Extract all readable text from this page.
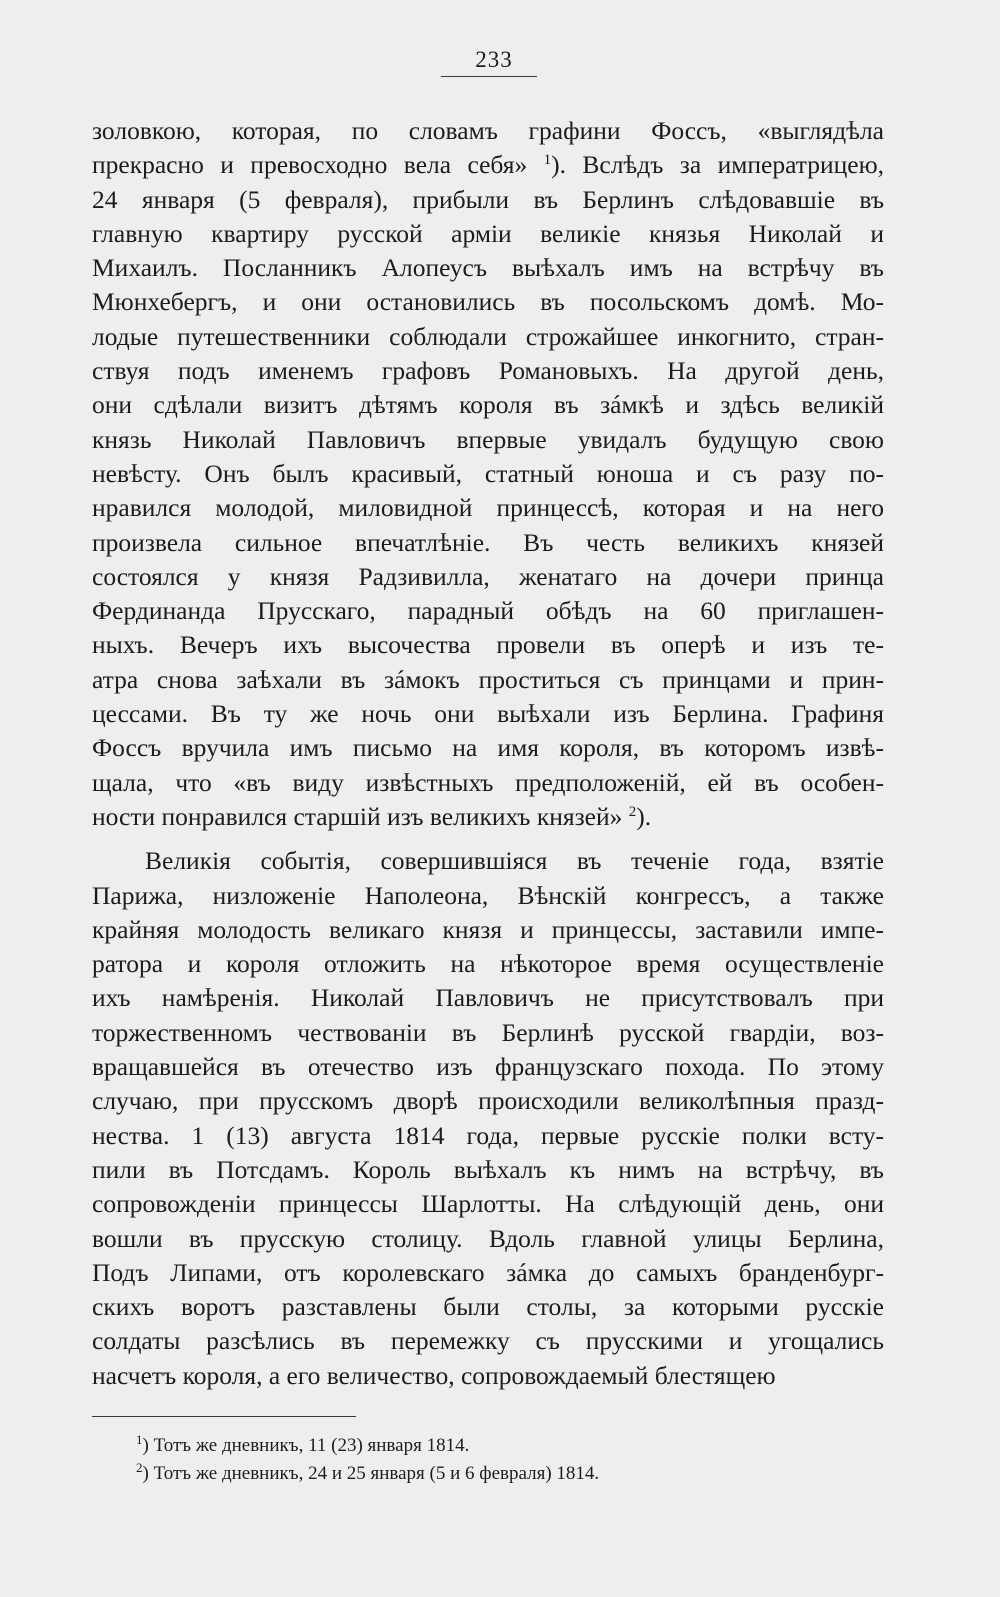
233
золовкою, которая, по словамъ графини Фоссъ, «выглядѣла
прекрасно и превосходно вела себя» $^1$). Вслѣдъ за императрицею,
24 января (5 февраля), прибыли въ Берлинъ слѣдовавшіе въ
главную квартиру русской арміи великіе князья Николай и
Михаилъ. Посланникъ Алопеусъ выѣхалъ имъ на встрѣчу въ
Мюнхебергъ, и они остановились въ посольскомъ домѣ. Мо-
лодые путешественники соблюдали строжайшее инкогнито, стран-
ствуя подъ именемъ графовъ Романовыхъ. На другой день,
они сдѣлали визитъ дѣтямъ короля въ зáмкѣ и здѣсь великій
князь Николай Павловичъ впервые увидалъ будущую свою
невѣсту. Онъ былъ красивый, статный юноша и съ разу по-
нравился молодой, миловидной принцессѣ, которая и на него
произвела сильное впечатлѣніе. Въ честь великихъ князей
состоялся у князя Радзивилла, женатаго на дочери принца
Фердинанда Прусскаго, парадный обѣдъ на 60 приглашен-
ныхъ. Вечеръ ихъ высочества провели въ оперѣ и изъ те-
атра снова заѣхали въ зáмокъ проститься съ принцами и прин-
цессами. Въ ту же ночь они выѣхали изъ Берлина. Графиня
Фоссъ вручила имъ письмо на имя короля, въ которомъ извѣ-
щала, что «въ виду извѣстныхъ предположеній, ей въ особен-
ности понравился старшій изъ великихъ князей» $^2$).
Великія событія, совершившіяся въ теченіе года, взятіе
Парижа, низложеніе Наполеона, Вѣнскій конгрессъ, а также
крайняя молодость великаго князя и принцессы, заставили импе-
ратора и короля отложить на нѣкоторое время осуществленіе
ихъ намѣренія. Николай Павловичъ не присутствовалъ при
торжественномъ чествованіи въ Берлинѣ русской гвардіи, воз-
вращавшейся въ отечество изъ французскаго похода. По этому
случаю, при прусскомъ дворѣ происходили великолѣпныя празд-
нества. 1 (13) августа 1814 года, первые русскіе полки всту-
пили въ Потсдамъ. Король выѣхалъ къ нимъ на встрѣчу, въ
сопровожденіи принцессы Шарлотты. На слѣдующій день, они
вошли въ прусскую столицу. Вдоль главной улицы Берлина,
Подъ Липами, отъ королевскаго зáмка до самыхъ бранденбург-
скихъ воротъ разставлены были столы, за которыми русскіе
солдаты разсѣлись въ перемежку съ прусскими и угощались
насчетъ короля, а его величество, сопровождаемый блестящею
$^1$) Тотъ же дневникъ, 11 (23) января 1814.
$^2$) Тотъ же дневникъ, 24 и 25 января (5 и 6 февраля) 1814.
